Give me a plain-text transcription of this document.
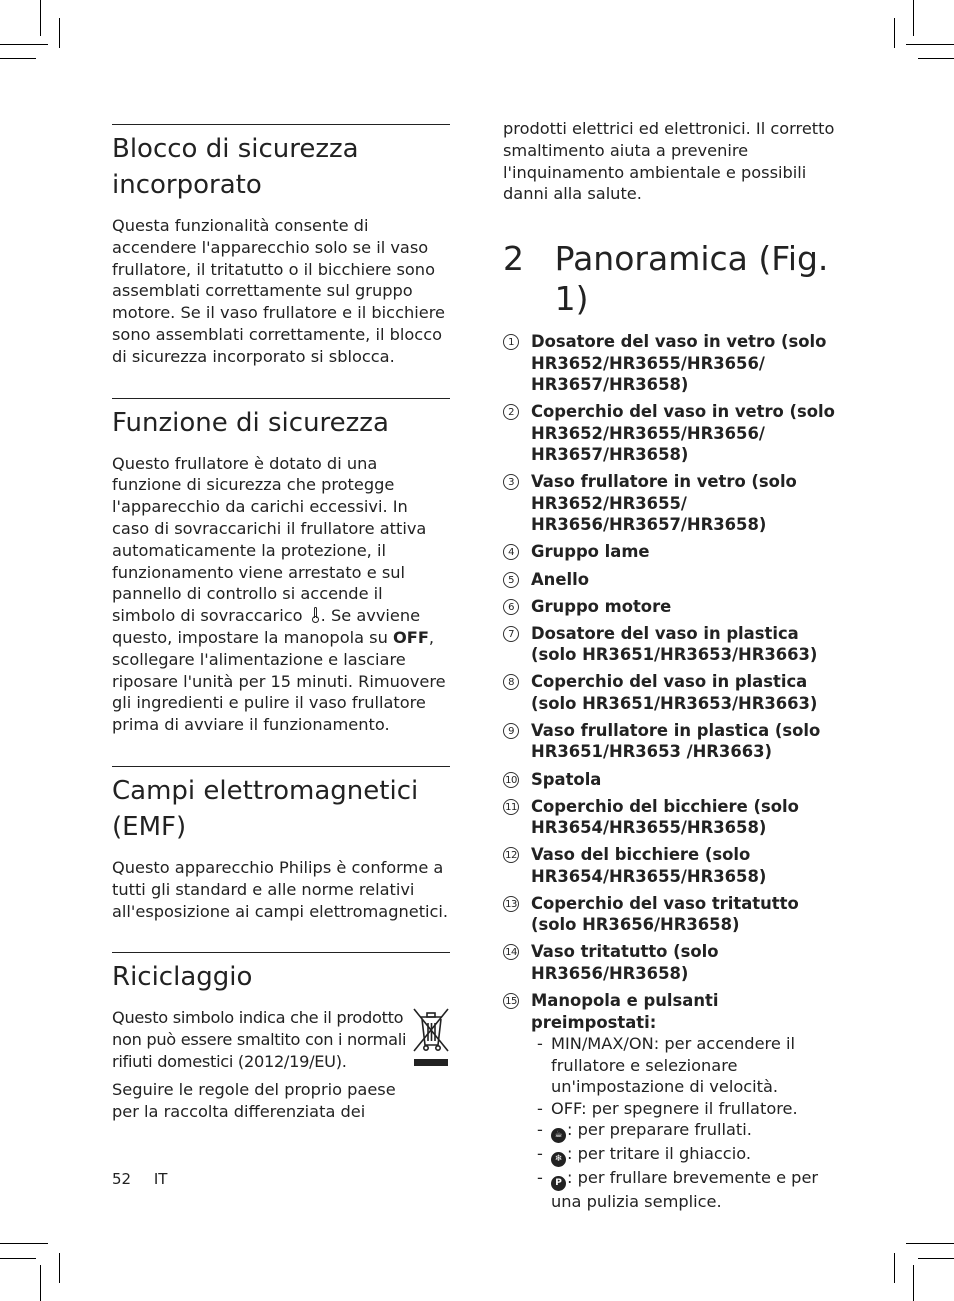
Blocco di sicurezza incorporato

Questa funzionalità consente di accendere l'apparecchio solo se il vaso frullatore, il tritatutto o il bicchiere sono assemblati correttamente sul gruppo motore. Se il vaso frullatore e il bicchiere sono assemblati correttamente, il blocco di sicurezza incorporato si sblocca.

Funzione di sicurezza

Questo frullatore è dotato di una funzione di sicurezza che protegge l'apparecchio da carichi eccessivi. In caso di sovraccarichi il frullatore attiva automaticamente la protezione, il funzionamento viene arrestato e sul pannello di controllo si accende il simbolo di sovraccarico . Se avviene questo, impostare la manopola su OFF, scollegare l'alimentazione e lasciare riposare l'unità per 15 minuti. Rimuovere gli ingredienti e pulire il vaso frullatore prima di avviare il funzionamento.

Campi elettromagnetici (EMF)

Questo apparecchio Philips è conforme a tutti gli standard e alle norme relativi all'esposizione ai campi elettromagnetici.

Riciclaggio

Questo simbolo indica che il prodotto non può essere smaltito con i normali rifiuti domestici (2012/19/EU).

Seguire le regole del proprio paese per la raccolta differenziata dei

prodotti elettrici ed elettronici. Il corretto smaltimento aiuta a prevenire l'inquinamento ambientale e possibili danni alla salute.

2 Panoramica (Fig. 1)
1	Dosatore del vaso in vetro (solo HR3652/HR3655/HR3656/ HR3657/HR3658)
2	Coperchio del vaso in vetro (solo HR3652/HR3655/HR3656/ HR3657/HR3658)
3	Vaso frullatore in vetro (solo HR3652/HR3655/ HR3656/HR3657/HR3658)
4	Gruppo lame
5	Anello
6	Gruppo motore
7	Dosatore del vaso in plastica (solo HR3651/HR3653/HR3663)
8	Coperchio del vaso in plastica (solo HR3651/HR3653/HR3663)
9	Vaso frullatore in plastica (solo HR3651/HR3653 /HR3663)
10 Spatola
11 Coperchio del bicchiere (solo HR3654/HR3655/HR3658)
12 Vaso del bicchiere (solo HR3654/HR3655/HR3658)
13 Coperchio del vaso tritatutto (solo HR3656/HR3658)
14 Vaso tritatutto (solo HR3656/HR3658)
15 Manopola e pulsanti preimpostati:
- MIN/MAX/ON: per accendere il frullatore e selezionare un'impostazione di velocità.
- OFF: per spegnere il frullatore.
-	☕ : per preparare frullati.
-	❄ : per tritare il ghiaccio.
-	P : per frullare brevemente e per una pulizia semplice.
52 IT
